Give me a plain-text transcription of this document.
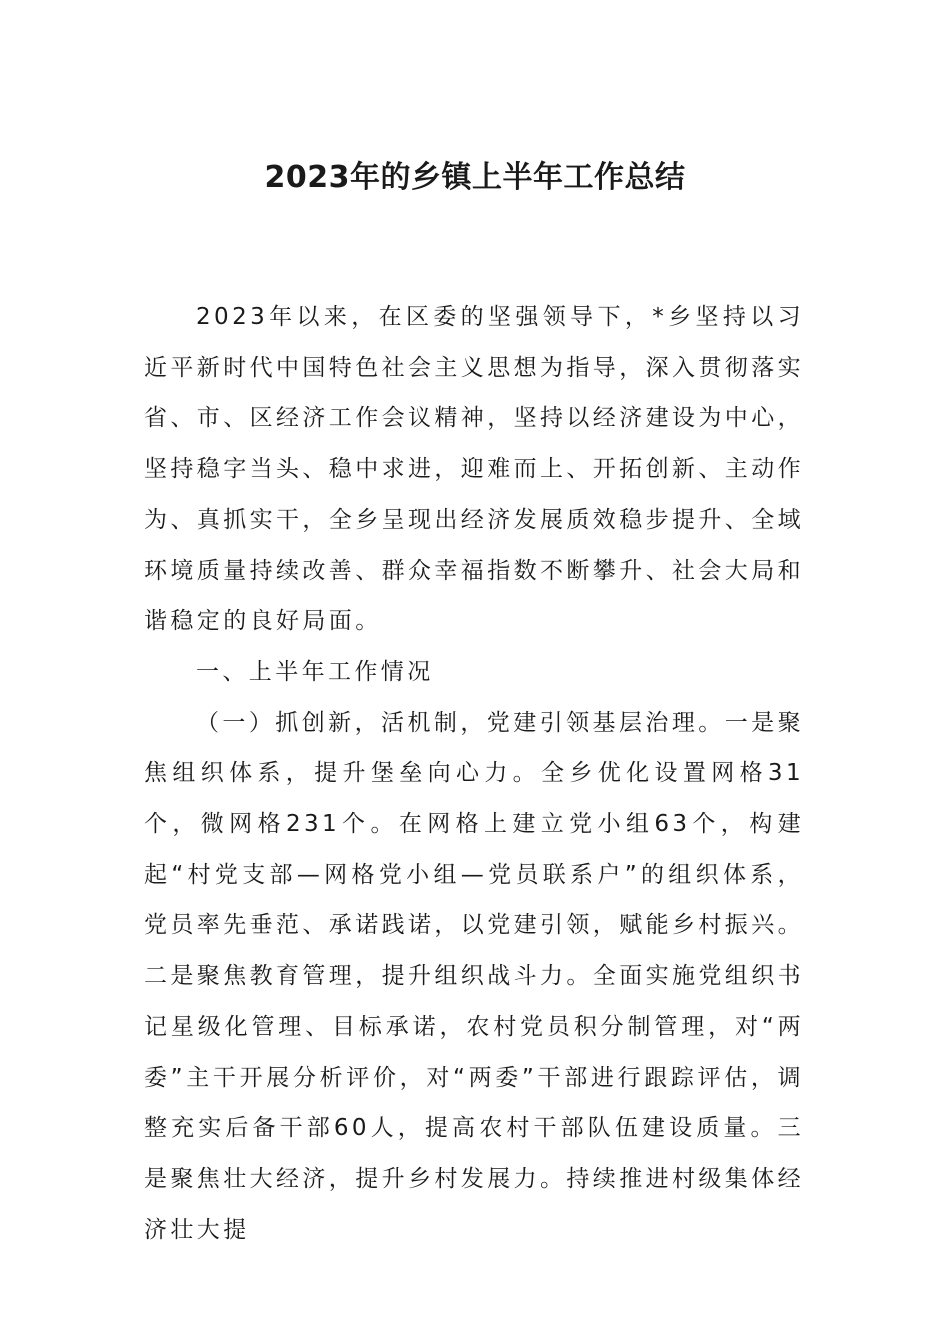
2023年的乡镇上半年工作总结

2023年以来，在区委的坚强领导下，*乡坚持以习近平新时代中国特色社会主义思想为指导，深入贯彻落实省、市、区经济工作会议精神，坚持以经济建设为中心，坚持稳字当头、稳中求进，迎难而上、开拓创新、主动作为、真抓实干，全乡呈现出经济发展质效稳步提升、全域环境质量持续改善、群众幸福指数不断攀升、社会大局和谐稳定的良好局面。

一、上半年工作情况

（一）抓创新，活机制，党建引领基层治理。一是聚焦组织体系，提升堡垒向心力。全乡优化设置网格31个，微网格231个。在网格上建立党小组63个，构建起“村党支部—网格党小组—党员联系户”的组织体系，党员率先垂范、承诺践诺，以党建引领，赋能乡村振兴。二是聚焦教育管理，提升组织战斗力。全面实施党组织书记星级化管理、目标承诺，农村党员积分制管理，对“两委”主干开展分析评价，对“两委”干部进行跟踪评估，调整充实后备干部60人，提高农村干部队伍建设质量。三是聚焦壮大经济，提升乡村发展力。持续推进村级集体经济壮大提
